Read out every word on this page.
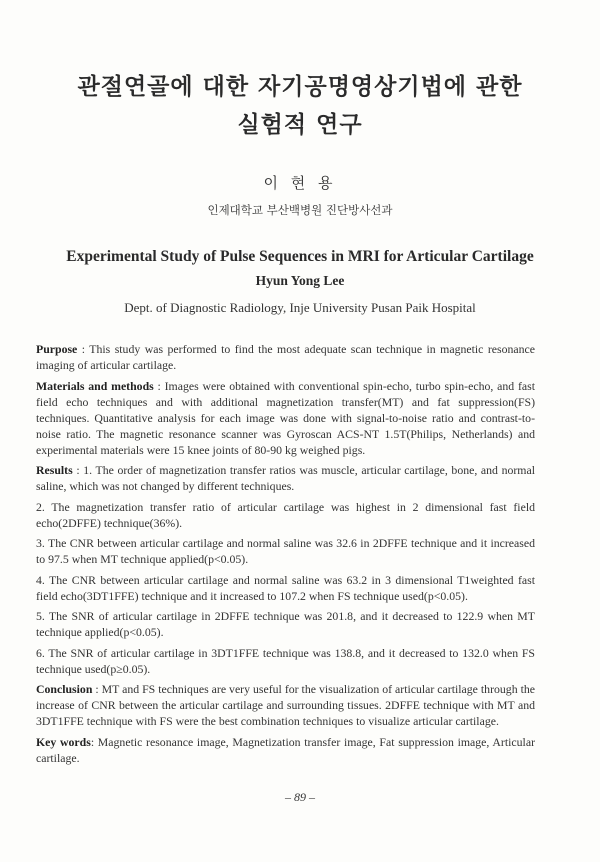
관절연골에 대한 자기공명영상기법에 관한
실험적 연구
이 현 용
인제대학교 부산백병원 진단방사선과
Experimental Study of Pulse Sequences in MRI for Articular Cartilage
Hyun Yong Lee
Dept. of Diagnostic Radiology, Inje University Pusan Paik Hospital

Purpose : This study was performed to find the most adequate scan technique in magnetic resonance imaging of articular cartilage.

Materials and methods : Images were obtained with conventional spin-echo, turbo spin-echo, and fast field echo techniques and with additional magnetization transfer(MT) and fat suppression(FS) techniques. Quantitative analysis for each image was done with signal-to-noise ratio and contrast-to-noise ratio. The magnetic resonance scanner was Gyroscan ACS-NT 1.5T(Philips, Netherlands) and experimental materials were 15 knee joints of 80-90 kg weighed pigs.

Results : 1. The order of magnetization transfer ratios was muscle, articular cartilage, bone, and normal saline, which was not changed by different techniques.

2. The magnetization transfer ratio of articular cartilage was highest in 2 dimensional fast field echo(2DFFE) technique(36%).

3. The CNR between articular cartilage and normal saline was 32.6 in 2DFFE technique and it increased to 97.5 when MT technique applied(p<0.05).

4. The CNR between articular cartilage and normal saline was 63.2 in 3 dimensional T1weighted fast field echo(3DT1FFE) technique and it increased to 107.2 when FS technique used(p<0.05).

5. The SNR of articular cartilage in 2DFFE technique was 201.8, and it decreased to 122.9 when MT technique applied(p<0.05).

6. The SNR of articular cartilage in 3DT1FFE technique was 138.8, and it decreased to 132.0 when FS technique used(p≥0.05).

Conclusion : MT and FS techniques are very useful for the visualization of articular cartilage through the increase of CNR between the articular cartilage and surrounding tissues. 2DFFE technique with MT and 3DT1FFE technique with FS were the best combination techniques to visualize articular cartilage.

Key words: Magnetic resonance image, Magnetization transfer image, Fat suppression image, Articular cartilage.

– 89 –
